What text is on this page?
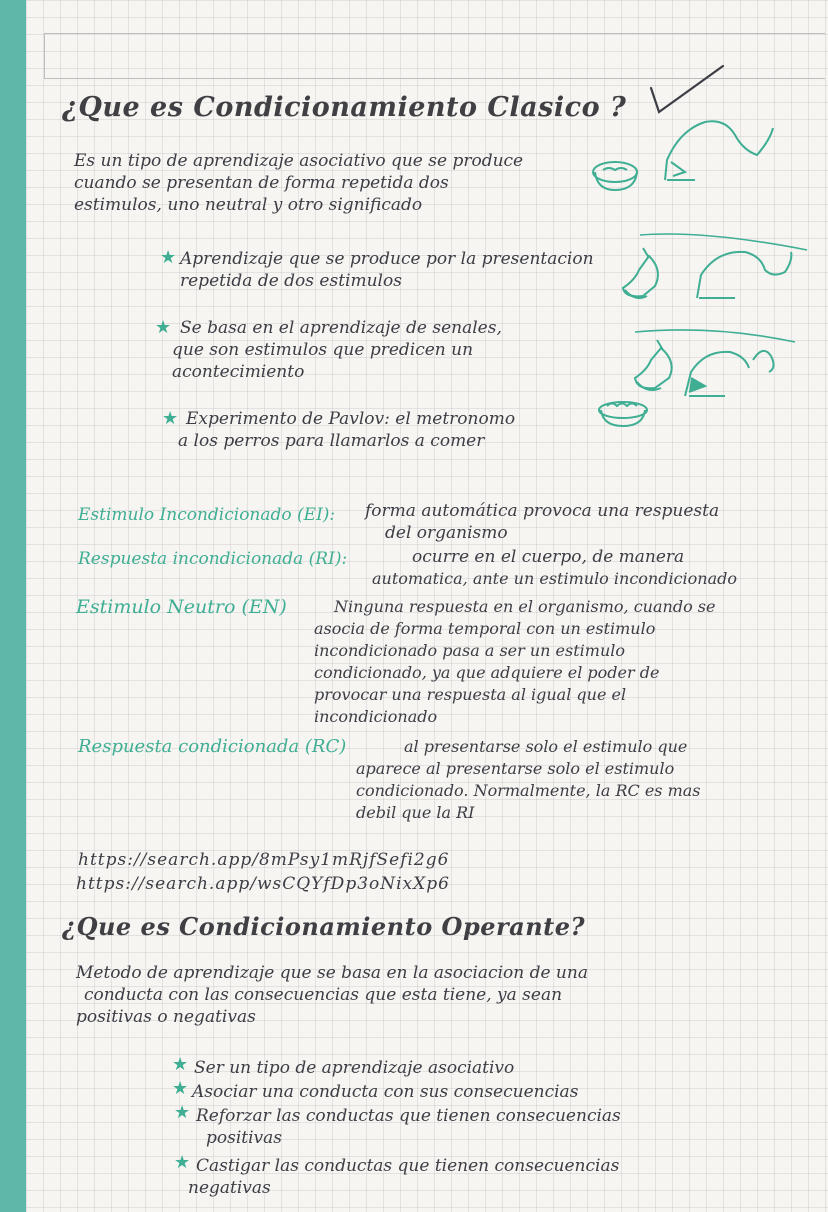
¿Que es Condicionamiento Clasico ?
Es un tipo de aprendizaje asociativo que se produce
cuando se presentan de forma repetida dos
estimulos, uno neutral y otro significado
★ Aprendizaje que se produce por la presentacion
repetida de dos estimulos
★ Se basa en el aprendizaje de senales,
que son estimulos que predicen un
acontecimiento
★ Experimento de Pavlov: el metronomo
a los perros para llamarlos a comer
Estimulo Incondicionado (EI): forma automática provoca una respuesta
del organismo
Respuesta incondicionada (RI):	ocurre en el cuerpo, de manera
automatica, ante un estimulo incondicionado
Estimulo Neutro (EN)	Ninguna respuesta en el organismo, cuando se
asocia de forma temporal con un estimulo
incondicionado pasa a ser un estimulo
condicionado, ya que adquiere el poder de
provocar una respuesta al igual que el
incondicionado
Respuesta condicionada (RC)	al presentarse solo el estimulo que
aparece al presentarse solo el estimulo
condicionado. Normalmente, la RC es mas
debil que la RI
https://search.app/8mPsy1mRjfSefi2g6
https://search.app/wsCQYfDp3oNixXp6
¿Que es Condicionamiento Operante?
Metodo de aprendizaje que se basa en la asociacion de una
conducta con las consecuencias que esta tiene, ya sean
positivas o negativas
★ Ser un tipo de aprendizaje asociativo
★ Asociar una conducta con sus consecuencias
★ Reforzar las conductas que tienen consecuencias
positivas
★ Castigar las conductas que tienen consecuencias
negativas
